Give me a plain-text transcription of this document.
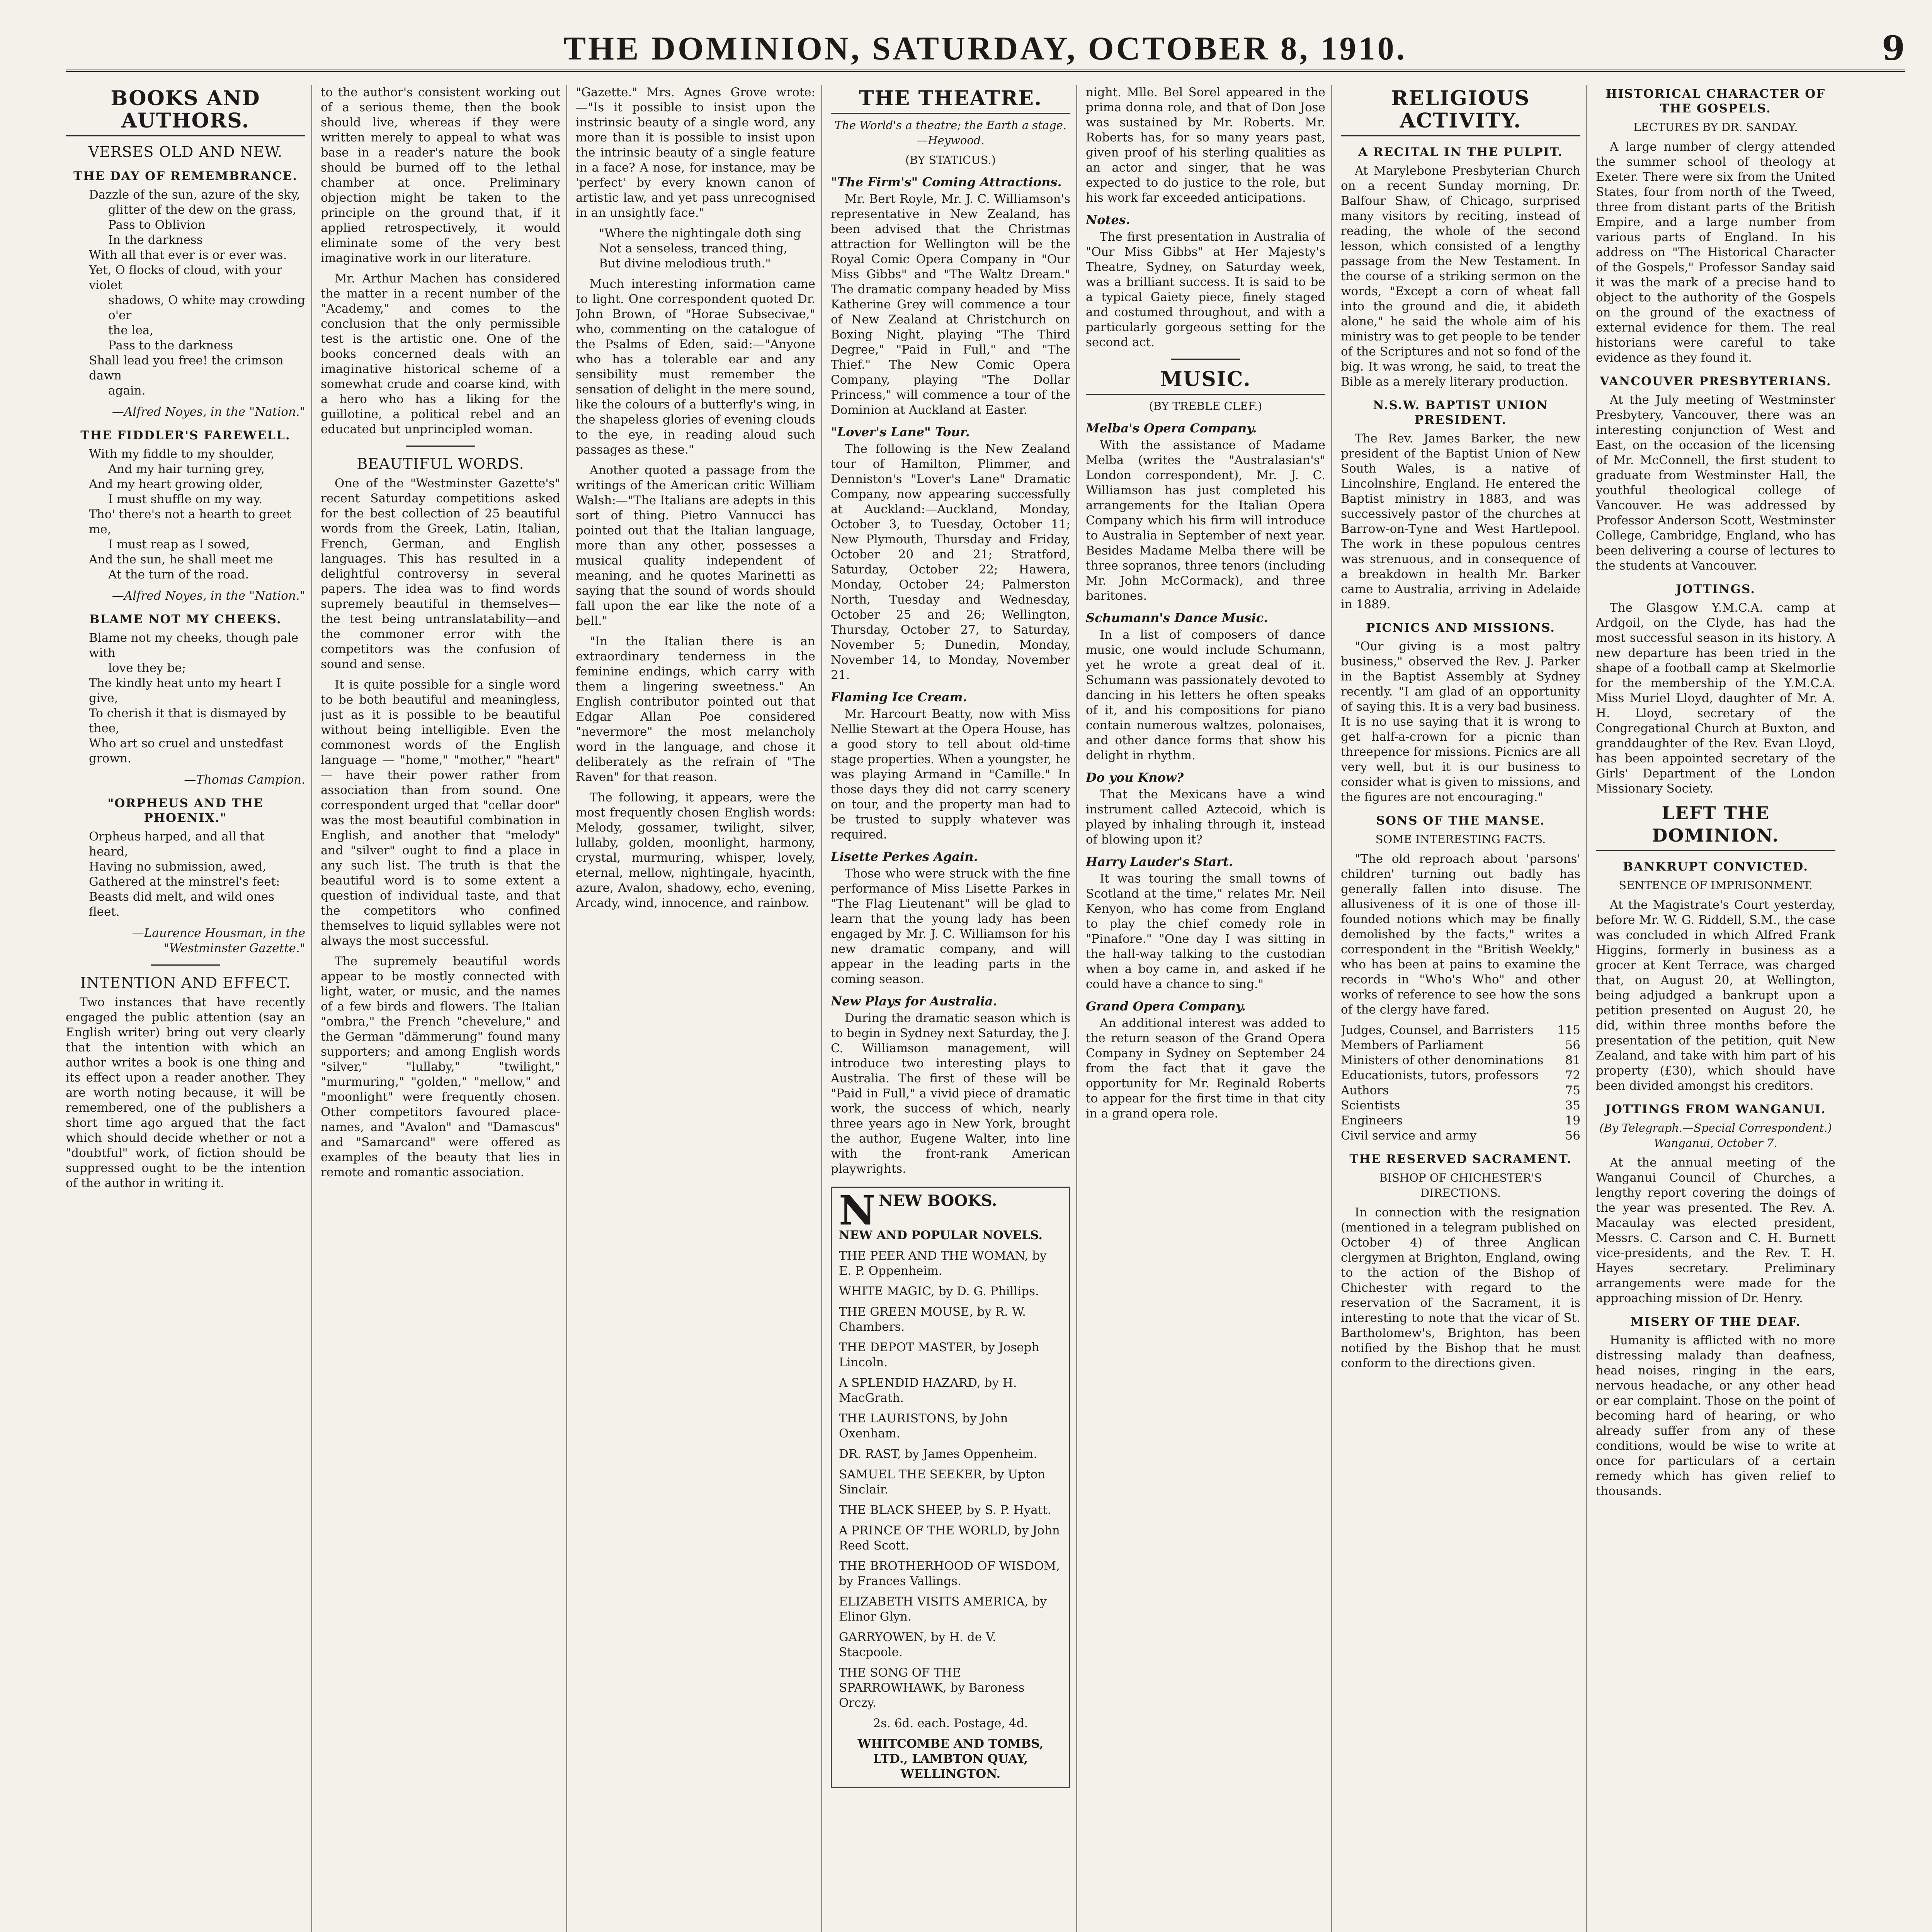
THE DOMINION, SATURDAY, OCTOBER 8, 1910.	9
BOOKS AND AUTHORS.
VERSES OLD AND NEW.
THE DAY OF REMEMBRANCE.
Dazzle of the sun, azure of the sky,
glitter of the dew on the grass,
Pass to Oblivion
In the darkness
With all that ever is or ever was.
Yet, O flocks of cloud, with your violet
shadows, O white may crowding o'er
the lea,
Pass to the darkness
Shall lead you free! the crimson dawn
again.
—Alfred Noyes, in the "Nation."
THE FIDDLER'S FAREWELL.
With my fiddle to my shoulder,
And my hair turning grey,
And my heart growing older,
I must shuffle on my way.
Tho' there's not a hearth to greet me,
I must reap as I sowed,
And the sun, he shall meet me
At the turn of the road.
—Alfred Noyes, in the "Nation."
BLAME NOT MY CHEEKS.
Blame not my cheeks, though pale with
love they be;
The kindly heat unto my heart I give,
To cherish it that is dismayed by thee,
Who art so cruel and unstedfast grown.
—Thomas Campion.
"ORPHEUS AND THE PHOENIX."
Orpheus harped, and all that heard,
Having no submission, awed,
Gathered at the minstrel's feet:
Beasts did melt, and wild ones fleet.
—Laurence Housman, in the "Westminster Gazette."
INTENTION AND EFFECT.

Two instances that have recently engaged the public attention (say an English writer) bring out very clearly that the intention with which an author writes a book is one thing and its effect upon a reader another. They are worth noting because, it will be remembered, one of the publishers a short time ago argued that the fact which should decide whether or not a "doubtful" work, of fiction should be suppressed ought to be the intention of the author in writing it.

to the author's consistent working out of a serious theme, then the book should live, whereas if they were written merely to appeal to what was base in a reader's nature the book should be burned off to the lethal chamber at once. Preliminary objection might be taken to the principle on the ground that, if it applied retrospectively, it would eliminate some of the very best imaginative work in our literature.

Mr. Arthur Machen has considered the matter in a recent number of the "Academy," and comes to the conclusion that the only permissible test is the artistic one. One of the books concerned deals with an imaginative historical scheme of a somewhat crude and coarse kind, with a hero who has a liking for the guillotine, a political rebel and an educated but unprincipled woman.

BEAUTIFUL WORDS.

One of the "Westminster Gazette's" recent Saturday competitions asked for the best collection of 25 beautiful words from the Greek, Latin, Italian, French, German, and English languages. This has resulted in a delightful controversy in several papers. The idea was to find words supremely beautiful in themselves—the test being untranslatability—and the commoner error with the competitors was the confusion of sound and sense.

It is quite possible for a single word to be both beautiful and meaningless, just as it is possible to be beautiful without being intelligible. Even the commonest words of the English language — "home," "mother," "heart" — have their power rather from association than from sound. One correspondent urged that "cellar door" was the most beautiful combination in English, and another that "melody" and "silver" ought to find a place in any such list. The truth is that the beautiful word is to some extent a question of individual taste, and that the competitors who confined themselves to liquid syllables were not always the most successful.

The supremely beautiful words appear to be mostly connected with light, water, or music, and the names of a few birds and flowers. The Italian "ombra," the French "chevelure," and the German "dämmerung" found many supporters; and among English words "silver," "lullaby," "twilight," "murmuring," "golden," "mellow," and "moonlight" were frequently chosen. Other competitors favoured place-names, and "Avalon" and "Damascus" and "Samarcand" were offered as examples of the beauty that lies in remote and romantic association.

"Gazette." Mrs. Agnes Grove wrote:—"Is it possible to insist upon the instrinsic beauty of a single word, any more than it is possible to insist upon the intrinsic beauty of a single feature in a face? A nose, for instance, may be 'perfect' by every known canon of artistic law, and yet pass unrecognised in an unsightly face."

"Where the nightingale doth sing
Not a senseless, tranced thing,
But divine melodious truth."

Much interesting information came to light. One correspondent quoted Dr. John Brown, of "Horae Subsecivae," who, commenting on the catalogue of the Psalms of Eden, said:—"Anyone who has a tolerable ear and any sensibility must remember the sensation of delight in the mere sound, like the colours of a butterfly's wing, in the shapeless glories of evening clouds to the eye, in reading aloud such passages as these."

Another quoted a passage from the writings of the American critic William Walsh:—"The Italians are adepts in this sort of thing. Pietro Vannucci has pointed out that the Italian language, more than any other, possesses a musical quality independent of meaning, and he quotes Marinetti as saying that the sound of words should fall upon the ear like the note of a bell."

"In the Italian there is an extraordinary tenderness in the feminine endings, which carry with them a lingering sweetness." An English contributor pointed out that Edgar Allan Poe considered "nevermore" the most melancholy word in the language, and chose it deliberately as the refrain of "The Raven" for that reason.

The following, it appears, were the most frequently chosen English words: Melody, gossamer, twilight, silver, lullaby, golden, moonlight, harmony, crystal, murmuring, whisper, lovely, eternal, mellow, nightingale, hyacinth, azure, Avalon, shadowy, echo, evening, Arcady, wind, innocence, and rainbow.

THE THEATRE.
The World's a theatre; the Earth a stage.—Heywood.
(BY STATICUS.)
"The Firm's" Coming Attractions.

Mr. Bert Royle, Mr. J. C. Williamson's representative in New Zealand, has been advised that the Christmas attraction for Wellington will be the Royal Comic Opera Company in "Our Miss Gibbs" and "The Waltz Dream." The dramatic company headed by Miss Katherine Grey will commence a tour of New Zealand at Christchurch on Boxing Night, playing "The Third Degree," "Paid in Full," and "The Thief." The New Comic Opera Company, playing "The Dollar Princess," will commence a tour of the Dominion at Auckland at Easter.

"Lover's Lane" Tour.

The following is the New Zealand tour of Hamilton, Plimmer, and Denniston's "Lover's Lane" Dramatic Company, now appearing successfully at Auckland:—Auckland, Monday, October 3, to Tuesday, October 11; New Plymouth, Thursday and Friday, October 20 and 21; Stratford, Saturday, October 22; Hawera, Monday, October 24; Palmerston North, Tuesday and Wednesday, October 25 and 26; Wellington, Thursday, October 27, to Saturday, November 5; Dunedin, Monday, November 14, to Monday, November 21.

Flaming Ice Cream.

Mr. Harcourt Beatty, now with Miss Nellie Stewart at the Opera House, has a good story to tell about old-time stage properties. When a youngster, he was playing Armand in "Camille." In those days they did not carry scenery on tour, and the property man had to be trusted to supply whatever was required.

Lisette Perkes Again.

Those who were struck with the fine performance of Miss Lisette Parkes in "The Flag Lieutenant" will be glad to learn that the young lady has been engaged by Mr. J. C. Williamson for his new dramatic company, and will appear in the leading parts in the coming season.

New Plays for Australia.

During the dramatic season which is to begin in Sydney next Saturday, the J. C. Williamson management, will introduce two interesting plays to Australia. The first of these will be "Paid in Full," a vivid piece of dramatic work, the success of which, nearly three years ago in New York, brought the author, Eugene Walter, into line with the front-rank American playwrights.

NNEW BOOKS.
NEW AND POPULAR NOVELS.
THE PEER AND THE WOMAN, by E. P. Oppenheim.
WHITE MAGIC, by D. G. Phillips.
THE GREEN MOUSE, by R. W. Chambers.
THE DEPOT MASTER, by Joseph Lincoln.
A SPLENDID HAZARD, by H. MacGrath.
THE LAURISTONS, by John Oxenham.
DR. RAST, by James Oppenheim.
SAMUEL THE SEEKER, by Upton Sinclair.
THE BLACK SHEEP, by S. P. Hyatt.
A PRINCE OF THE WORLD, by John Reed Scott.
THE BROTHERHOOD OF WISDOM, by Frances Vallings.
ELIZABETH VISITS AMERICA, by Elinor Glyn.
GARRYOWEN, by H. de V. Stacpoole.
THE SONG OF THE SPARROWHAWK, by Baroness Orczy.
2s. 6d. each. Postage, 4d.
WHITCOMBE AND TOMBS, LTD., LAMBTON QUAY, WELLINGTON.

night. Mlle. Bel Sorel appeared in the prima donna role, and that of Don Jose was sustained by Mr. Roberts. Mr. Roberts has, for so many years past, given proof of his sterling qualities as an actor and singer, that he was expected to do justice to the role, but his work far exceeded anticipations.

Notes.

The first presentation in Australia of "Our Miss Gibbs" at Her Majesty's Theatre, Sydney, on Saturday week, was a brilliant success. It is said to be a typical Gaiety piece, finely staged and costumed throughout, and with a particularly gorgeous setting for the second act.

MUSIC.
(BY TREBLE CLEF.)
Melba's Opera Company.

With the assistance of Madame Melba (writes the "Australasian's" London correspondent), Mr. J. C. Williamson has just completed his arrangements for the Italian Opera Company which his firm will introduce to Australia in September of next year. Besides Madame Melba there will be three sopranos, three tenors (including Mr. John McCormack), and three baritones.

Schumann's Dance Music.

In a list of composers of dance music, one would include Schumann, yet he wrote a great deal of it. Schumann was passionately devoted to dancing in his letters he often speaks of it, and his compositions for piano contain numerous waltzes, polonaises, and other dance forms that show his delight in rhythm.

Do you Know?

That the Mexicans have a wind instrument called Aztecoid, which is played by inhaling through it, instead of blowing upon it?

Harry Lauder's Start.

It was touring the small towns of Scotland at the time," relates Mr. Neil Kenyon, who has come from England to play the chief comedy role in "Pinafore." "One day I was sitting in the hall-way talking to the custodian when a boy came in, and asked if he could have a chance to sing."

Grand Opera Company.

An additional interest was added to the return season of the Grand Opera Company in Sydney on September 24 from the fact that it gave the opportunity for Mr. Reginald Roberts to appear for the first time in that city in a grand opera role.

RELIGIOUS ACTIVITY.
A RECITAL IN THE PULPIT.

At Marylebone Presbyterian Church on a recent Sunday morning, Dr. Balfour Shaw, of Chicago, surprised many visitors by reciting, instead of reading, the whole of the second lesson, which consisted of a lengthy passage from the New Testament. In the course of a striking sermon on the words, "Except a corn of wheat fall into the ground and die, it abideth alone," he said the whole aim of his ministry was to get people to be tender of the Scriptures and not so fond of the big. It was wrong, he said, to treat the Bible as a merely literary production.

N.S.W. BAPTIST UNION PRESIDENT.

The Rev. James Barker, the new president of the Baptist Union of New South Wales, is a native of Lincolnshire, England. He entered the Baptist ministry in 1883, and was successively pastor of the churches at Barrow-on-Tyne and West Hartlepool. The work in these populous centres was strenuous, and in consequence of a breakdown in health Mr. Barker came to Australia, arriving in Adelaide in 1889.

PICNICS AND MISSIONS.

"Our giving is a most paltry business," observed the Rev. J. Parker in the Baptist Assembly at Sydney recently. "I am glad of an opportunity of saying this. It is a very bad business. It is no use saying that it is wrong to get half-a-crown for a picnic than threepence for missions. Picnics are all very well, but it is our business to consider what is given to missions, and the figures are not encouraging."

SONS OF THE MANSE.
SOME INTERESTING FACTS.

"The old reproach about 'parsons' children' turning out badly has generally fallen into disuse. The allusiveness of it is one of those ill-founded notions which may be finally demolished by the facts," writes a correspondent in the "British Weekly," who has been at pains to examine the records in "Who's Who" and other works of reference to see how the sons of the clergy have fared.

Judges, Counsel, and Barristers 115
Members of Parliament	56
Ministers of other denominations 81
Educationists, tutors, professors 72
Authors	75
Scientists	35
Engineers	19
Civil service and army	56
THE RESERVED SACRAMENT.
BISHOP OF CHICHESTER'S DIRECTIONS.

In connection with the resignation (mentioned in a telegram published on October 4) of three Anglican clergymen at Brighton, England, owing to the action of the Bishop of Chichester with regard to the reservation of the Sacrament, it is interesting to note that the vicar of St. Bartholomew's, Brighton, has been notified by the Bishop that he must conform to the directions given.

HISTORICAL CHARACTER OF THE GOSPELS.
LECTURES BY DR. SANDAY.

A large number of clergy attended the summer school of theology at Exeter. There were six from the United States, four from north of the Tweed, three from distant parts of the British Empire, and a large number from various parts of England. In his address on "The Historical Character of the Gospels," Professor Sanday said it was the mark of a precise hand to object to the authority of the Gospels on the ground of the exactness of external evidence for them. The real historians were careful to take evidence as they found it.

VANCOUVER PRESBYTERIANS.

At the July meeting of Westminster Presbytery, Vancouver, there was an interesting conjunction of West and East, on the occasion of the licensing of Mr. McConnell, the first student to graduate from Westminster Hall, the youthful theological college of Vancouver. He was addressed by Professor Anderson Scott, Westminster College, Cambridge, England, who has been delivering a course of lectures to the students at Vancouver.

JOTTINGS.

The Glasgow Y.M.C.A. camp at Ardgoil, on the Clyde, has had the most successful season in its history. A new departure has been tried in the shape of a football camp at Skelmorlie for the membership of the Y.M.C.A. Miss Muriel Lloyd, daughter of Mr. A. H. Lloyd, secretary of the Congregational Church at Buxton, and granddaughter of the Rev. Evan Lloyd, has been appointed secretary of the Girls' Department of the London Missionary Society.

LEFT THE DOMINION.
BANKRUPT CONVICTED.
SENTENCE OF IMPRISONMENT.

At the Magistrate's Court yesterday, before Mr. W. G. Riddell, S.M., the case was concluded in which Alfred Frank Higgins, formerly in business as a grocer at Kent Terrace, was charged that, on August 20, at Wellington, being adjudged a bankrupt upon a petition presented on August 20, he did, within three months before the presentation of the petition, quit New Zealand, and take with him part of his property (£30), which should have been divided amongst his creditors.

JOTTINGS FROM WANGANUI.
(By Telegraph.—Special Correspondent.) Wanganui, October 7.

At the annual meeting of the Wanganui Council of Churches, a lengthy report covering the doings of the year was presented. The Rev. A. Macaulay was elected president, Messrs. C. Carson and C. H. Burnett vice-presidents, and the Rev. T. H. Hayes secretary. Preliminary arrangements were made for the approaching mission of Dr. Henry.

MISERY OF THE DEAF.

Humanity is afflicted with no more distressing malady than deafness, head noises, ringing in the ears, nervous headache, or any other head or ear complaint. Those on the point of becoming hard of hearing, or who already suffer from any of these conditions, would be wise to write at once for particulars of a certain remedy which has given relief to thousands.
